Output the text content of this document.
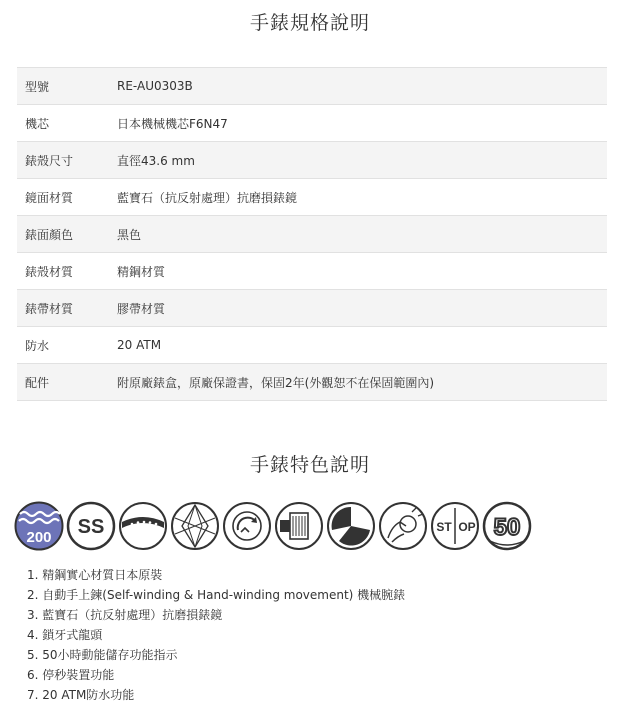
手錶規格說明
型號	RE-AU0303B
機芯	日本機械機芯F6N47
錶殼尺寸	直徑43.6 mm
鏡面材質	藍寶石（抗反射處理）抗磨損錶鏡
錶面顏色	黑色
錶殼材質	精鋼材質
錶帶材質	膠帶材質
防水	20 ATM
配件	附原廠錶盒，原廠保證書，保固2年(外觀恕不在保固範圍內)
手錶特色說明
200 SS	ST OP 50
1. 精鋼實心材質日本原裝
2. 自動手上鍊(Self-winding & Hand-winding movement) 機械腕錶
3. 藍寶石（抗反射處理）抗磨損錶鏡
4. 鎖牙式龍頭
5. 50小時動能儲存功能指示
6. 停秒裝置功能
7. 20 ATM防水功能
